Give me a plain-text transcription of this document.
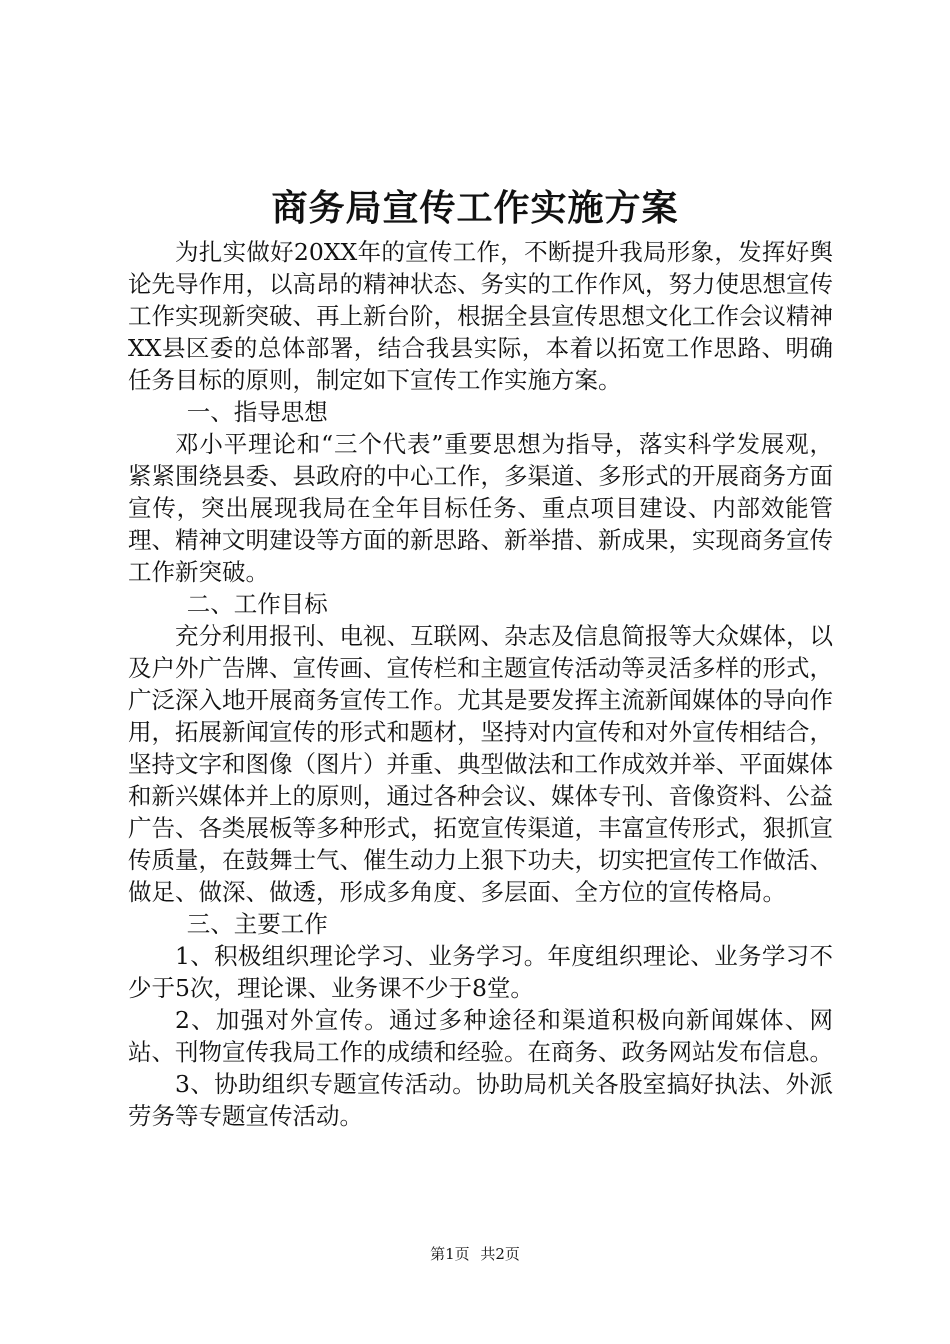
商务局宣传工作实施方案

为扎实做好20XX年的宣传工作，不断提升我局形象，发挥好舆论先导作用，以高昂的精神状态、务实的工作作风，努力使思想宣传工作实现新突破、再上新台阶，根据全县宣传思想文化工作会议精神XX县区委的总体部署，结合我县实际，本着以拓宽工作思路、明确任务目标的原则，制定如下宣传工作实施方案。

一、指导思想

邓小平理论和“三个代表”重要思想为指导，落实科学发展观，紧紧围绕县委、县政府的中心工作，多渠道、多形式的开展商务方面宣传，突出展现我局在全年目标任务、重点项目建设、内部效能管理、精神文明建设等方面的新思路、新举措、新成果，实现商务宣传工作新突破。

二、工作目标

充分利用报刊、电视、互联网、杂志及信息简报等大众媒体，以及户外广告牌、宣传画、宣传栏和主题宣传活动等灵活多样的形式，广泛深入地开展商务宣传工作。尤其是要发挥主流新闻媒体的导向作用，拓展新闻宣传的形式和题材，坚持对内宣传和对外宣传相结合，坚持文字和图像（图片）并重、典型做法和工作成效并举、平面媒体和新兴媒体并上的原则，通过各种会议、媒体专刊、音像资料、公益广告、各类展板等多种形式，拓宽宣传渠道，丰富宣传形式，狠抓宣传质量，在鼓舞士气、催生动力上狠下功夫，切实把宣传工作做活、做足、做深、做透，形成多角度、多层面、全方位的宣传格局。

三、主要工作

1、积极组织理论学习、业务学习。年度组织理论、业务学习不少于5次，理论课、业务课不少于8堂。

2、加强对外宣传。通过多种途径和渠道积极向新闻媒体、网站、刊物宣传我局工作的成绩和经验。在商务、政务网站发布信息。

3、协助组织专题宣传活动。协助局机关各股室搞好执法、外派劳务等专题宣传活动。

第1页 共2页
